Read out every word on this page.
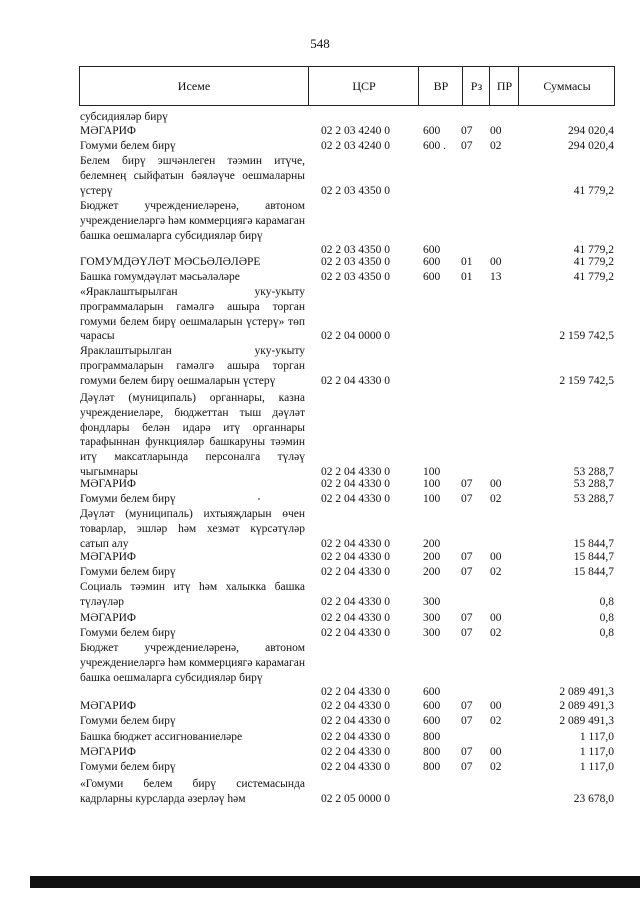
548
Исеме	ЦСР	ВР	Рз	ПР	Суммасы
субсидияләр бирү
МӘГАРИФ	02 2 03 4240 0	600 07 00	294 020,4
Гомуми белем бирү	02 2 03 4240 0	600 . 07 02	294 020,4
Белем бирү эшчәнлеген тәэмин итүче, белемнең сыйфатын бәяләүче оешмаларны үстерү	02 2 03 4350 0	41 779,2
Бюджет учреждениеләренә, автоном учреждениеләргә һәм коммерциягә карамаган башка оешмаларга субсидияләр бирү
02 2 03 4350 0	600	41 779,2
ГОМУМДӘҮЛӘТ МӘСЬӘЛӘЛӘРЕ	02 2 03 4350 0	600 01 00	41 779,2
Башка гомумдәүләт мәсьәләләре	02 2 03 4350 0	600 01 13	41 779,2
«Яраклаштырылган уку-укыту программаларын гамәлгә ашыра торган гомуми белем бирү оешмаларын үстерү» төп чарасы	02 2 04 0000 0	2 159 742,5
Яраклаштырылган уку-укыту программаларын гамәлгә ашыра торган гомуми белем бирү оешмаларын үстерү	02 2 04 4330 0	2 159 742,5
Дәүләт (муниципаль) органнары, казна учреждениеләре, бюджеттан тыш дәүләт фондлары белән идарә итү органнары тарафыннан функцияләр башкаруны тәэмин итү максатларында персоналга түләү чыгымнары	02 2 04 4330 0	100	53 288,7
МӘГАРИФ	02 2 04 4330 0	100 07 00	53 288,7
Гомуми белем бирү	02 2 04 4330 0	100 07 02	53 288,7
Дәүләт (муниципаль) ихтыяҗларын өчен товарлар, эшләр һәм хезмәт күрсәтүләр сатып алу	02 2 04 4330 0	200	15 844,7
МӘГАРИФ	02 2 04 4330 0	200 07 00	15 844,7
Гомуми белем бирү	02 2 04 4330 0	200 07 02	15 844,7
Социаль тәэмин итү һәм халыкка башка түләүләр	02 2 04 4330 0	300	0,8
МӘГАРИФ	02 2 04 4330 0	300 07 00	0,8
Гомуми белем бирү	02 2 04 4330 0	300 07 02	0,8
Бюджет учреждениеләренә, автоном учреждениеләргә һәм коммерциягә карамаган башка оешмаларга субсидияләр бирү
02 2 04 4330 0	600	2 089 491,3
МӘГАРИФ	02 2 04 4330 0	600 07 00	2 089 491,3
Гомуми белем бирү	02 2 04 4330 0	600 07 02	2 089 491,3
Башка бюджет ассигнованиеләре	02 2 04 4330 0	800	1 117,0
МӘГАРИФ	02 2 04 4330 0	800 07 00	1 117,0
Гомуми белем бирү	02 2 04 4330 0	800 07 02	1 117,0
«Гомуми белем бирү системасында кадрларны курсларда әзерләү һәм	02 2 05 0000 0	23 678,0
